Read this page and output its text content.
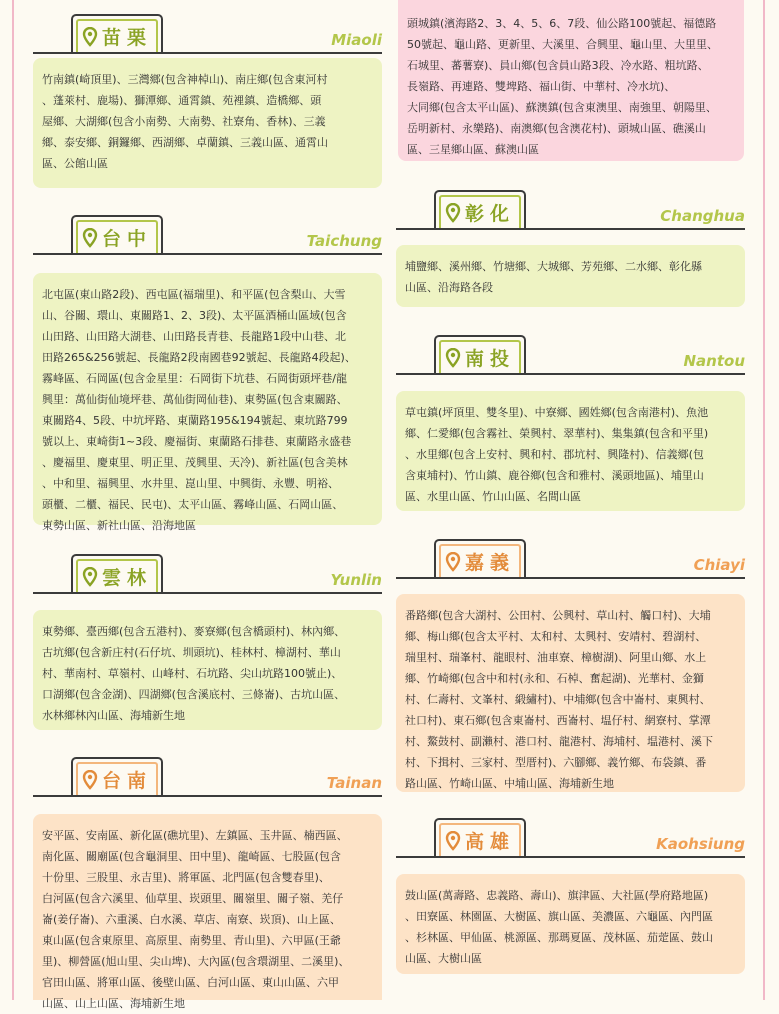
頭城鎮(濱海路2、3、4、5、6、7段、仙公路100號起、福德路
50號起、龜山路、更新里、大溪里、合興里、龜山里、大里里、
石城里、蕃薯寮)、員山鄉(包含員山路3段、冷水路、粗坑路、
長嶺路、再連路、雙埤路、福山街、中華村、冷水坑)、
大同鄉(包含太平山區)、蘇澳鎮(包含東澳里、南強里、朝陽里、
岳明新村、永樂路)、南澳鄉(包含澳花村)、頭城山區、礁溪山
區、三星鄉山區、蘇澳山區
苗栗	Miaoli
竹南鎮(崎頂里)、三灣鄉(包含神棹山)、南庄鄉(包含東河村
、蓬萊村、鹿場)、獅潭鄉、通霄鎮、苑裡鎮、造橋鄉、頭
屋鄉、大湖鄉(包含小南勢、大南勢、社寮角、香林)、三義
鄉、泰安鄉、銅鑼鄉、西湖鄉、卓蘭鎮、三義山區、通霄山
區、公館山區
彰化	Changhua
埔鹽鄉、溪州鄉、竹塘鄉、大城鄉、芳苑鄉、二水鄉、彰化縣
山區、沿海路各段
台中	Taichung
北屯區(東山路2段)、西屯區(福瑞里)、和平區(包含梨山、大雪
山、谷關、環山、東關路1、2、3段)、太平區酒桶山區域(包含
山田路、山田路大湖巷、山田路長青巷、長龍路1段中山巷、北
田路265&256號起、長龍路2段南國巷92號起、長龍路4段起)、
霧峰區、石岡區(包含金星里：石岡街下坑巷、石岡街頭坪巷/龍
興里：萬仙街仙境坪巷、萬仙街岡仙巷)、東勢區(包含東關路、
東關路4、5段、中坑坪路、東蘭路195&194號起、東坑路799
號以上、東崎街1~3段、慶福街、東蘭路石排巷、東蘭路永盛巷
、慶福里、慶東里、明正里、茂興里、天冷)、新社區(包含美林
、中和里、福興里、水井里、崑山里、中興街、永豐、明裕、
頭櫃、二櫃、福民、民屯)、太平山區、霧峰山區、石岡山區、
東勢山區、新社山區、沿海地區
南投	Nantou
草屯鎮(坪頂里、雙冬里)、中寮鄉、國姓鄉(包含南港村)、魚池
鄉、仁愛鄉(包含霧社、榮興村、翠華村)、集集鎮(包含和平里)
、水里鄉(包含上安村、興和村、郡坑村、興隆村)、信義鄉(包
含東埔村)、竹山鎮、鹿谷鄉(包含和雅村、溪頭地區)、埔里山
區、水里山區、竹山山區、名間山區
嘉義	Chiayi
番路鄉(包含大湖村、公田村、公興村、草山村、觸口村)、大埔
鄉、梅山鄉(包含太平村、太和村、太興村、安靖村、碧湖村、
瑞里村、瑞峯村、龍眼村、油車寮、樟樹湖)、阿里山鄉、水上
鄉、竹崎鄉(包含中和村(永和、石棹、奮起湖)、光華村、金獅
村、仁壽村、文峯村、緞繡村)、中埔鄉(包含中崙村、東興村、
社口村)、東石鄉(包含東崙村、西崙村、塭仔村、網寮村、掌潭
村、鰲鼓村、副瀨村、港口村、龍港村、海埔村、塭港村、溪下
村、下揖村、三家村、型厝村)、六腳鄉、義竹鄉、布袋鎮、番
路山區、竹崎山區、中埔山區、海埔新生地
雲林	Yunlin
東勢鄉、臺西鄉(包含五港村)、麥寮鄉(包含橋頭村)、林內鄉、
古坑鄉(包含新庄村(石仔坑、圳頭坑)、桂林村、樟湖村、華山
村、華南村、草嶺村、山峰村、石坑路、尖山坑路100號止)、
口湖鄉(包含金湖)、四湖鄉(包含溪底村、三條崙)、古坑山區、
水林鄉林內山區、海埔新生地
台南	Tainan
安平區、安南區、新化區(礁坑里)、左鎮區、玉井區、楠西區、
南化區、關廟區(包含龜洞里、田中里)、龍崎區、七股區(包含
十份里、三股里、永吉里)、將軍區、北門區(包含雙春里)、
白河區(包含六溪里、仙草里、崁頭里、關嶺里、關子嶺、羌仔
崙(姜仔崙)、六重溪、白水溪、草店、南寮、崁頂)、山上區、
東山區(包含東原里、高原里、南勢里、青山里)、六甲區(王爺
里)、柳營區(旭山里、尖山埤)、大內區(包含環湖里、二溪里)、
官田山區、將軍山區、後壁山區、白河山區、東山山區、六甲
山區、山上山區、海埔新生地
高雄	Kaohsiung
鼓山區(萬壽路、忠義路、壽山)、旗津區、大社區(學府路地區)
、田寮區、林園區、大樹區、旗山區、美濃區、六龜區、內門區
、杉林區、甲仙區、桃源區、那瑪夏區、茂林區、茄萣區、鼓山
山區、大樹山區
